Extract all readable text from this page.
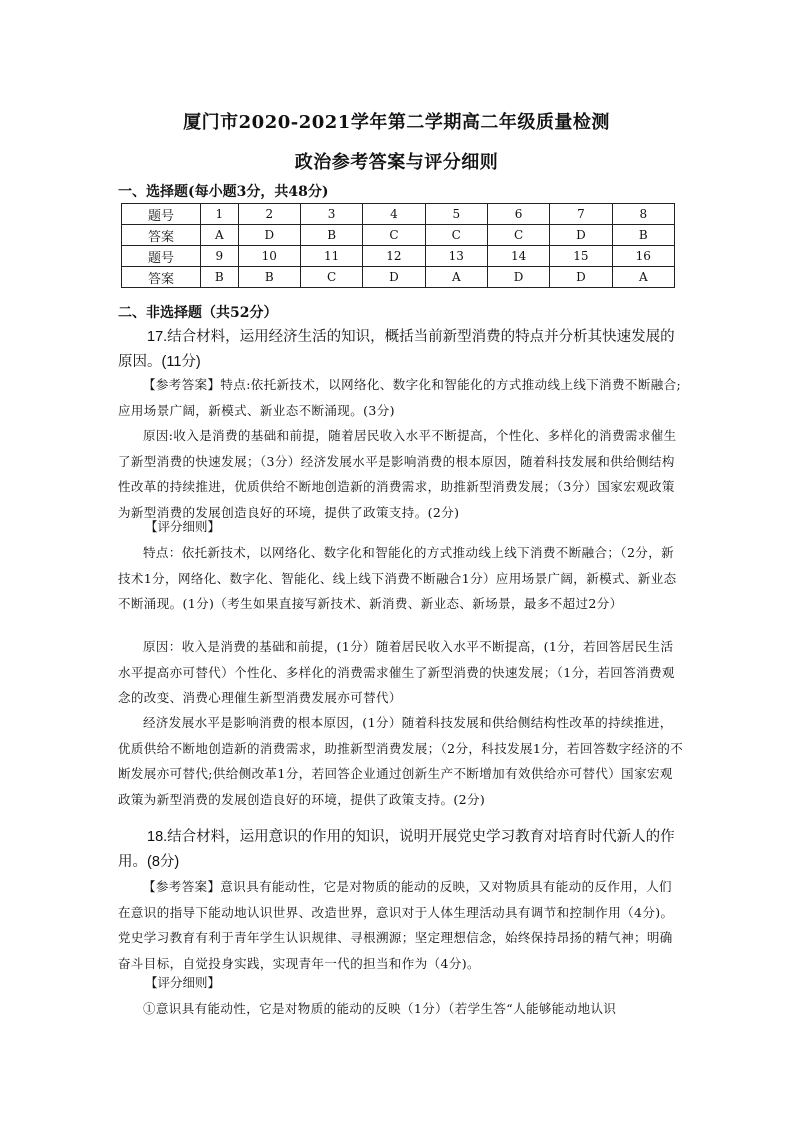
厦门市2020-2021学年第二学期高二年级质量检测
政治参考答案与评分细则
一、选择题(每小题3分，共48分)
题号	1	2	3	4	5	6	7	8
答案	A	D	B	C	C	C	D	B
题号	9	10	11	12	13	14	15	16
答案	B	B	C	D	A	D	D	A
二、非选择题（共52分）
17.结合材料，运用经济生活的知识，概括当前新型消费的特点并分析其快速发展的原因。(11分)
【参考答案】特点:依托新技术，以网络化、数字化和智能化的方式推动线上线下消费不断融合;应用场景广阔，新模式、新业态不断涌现。(3分)
原因:收入是消费的基础和前提，随着居民收入水平不断提高，个性化、多样化的消费需求催生了新型消费的快速发展；（3分）经济发展水平是影响消费的根本原因，随着科技发展和供给侧结构性改革的持续推进，优质供给不断地创造新的消费需求，助推新型消费发展；（3分）国家宏观政策为新型消费的发展创造良好的环境，提供了政策支持。(2分)
【评分细则】
特点：依托新技术，以网络化、数字化和智能化的方式推动线上线下消费不断融合；（2分，新技术1分，网络化、数字化、智能化、线上线下消费不断融合1分）应用场景广阔，新模式、新业态不断涌现。(1分)（考生如果直接写新技术、新消费、新业态、新场景，最多不超过2分）
原因：收入是消费的基础和前提，(1分）随着居民收入水平不断提高，(1分，若回答居民生活水平提高亦可替代）个性化、多样化的消费需求催生了新型消费的快速发展；（1分，若回答消费观念的改变、消费心理催生新型消费发展亦可替代）
经济发展水平是影响消费的根本原因，(1分）随着科技发展和供给侧结构性改革的持续推进，优质供给不断地创造新的消费需求，助推新型消费发展；（2分，科技发展1分，若回答数字经济的不断发展亦可替代;供给侧改革1分，若回答企业通过创新生产不断增加有效供给亦可替代）国家宏观政策为新型消费的发展创造良好的环境，提供了政策支持。(2分)
18.结合材料，运用意识的作用的知识，说明开展党史学习教育对培育时代新人的作用。(8分)
【参考答案】意识具有能动性，它是对物质的能动的反映，又对物质具有能动的反作用，人们在意识的指导下能动地认识世界、改造世界，意识对于人体生理活动具有调节和控制作用（4分)。党史学习教育有利于青年学生认识规律、寻根溯源；坚定理想信念，始终保持昂扬的精气神；明确奋斗目标，自觉投身实践，实现青年一代的担当和作为（4分)。
【评分细则】
①意识具有能动性，它是对物质的能动的反映（1分）（若学生答“人能够能动地认识
